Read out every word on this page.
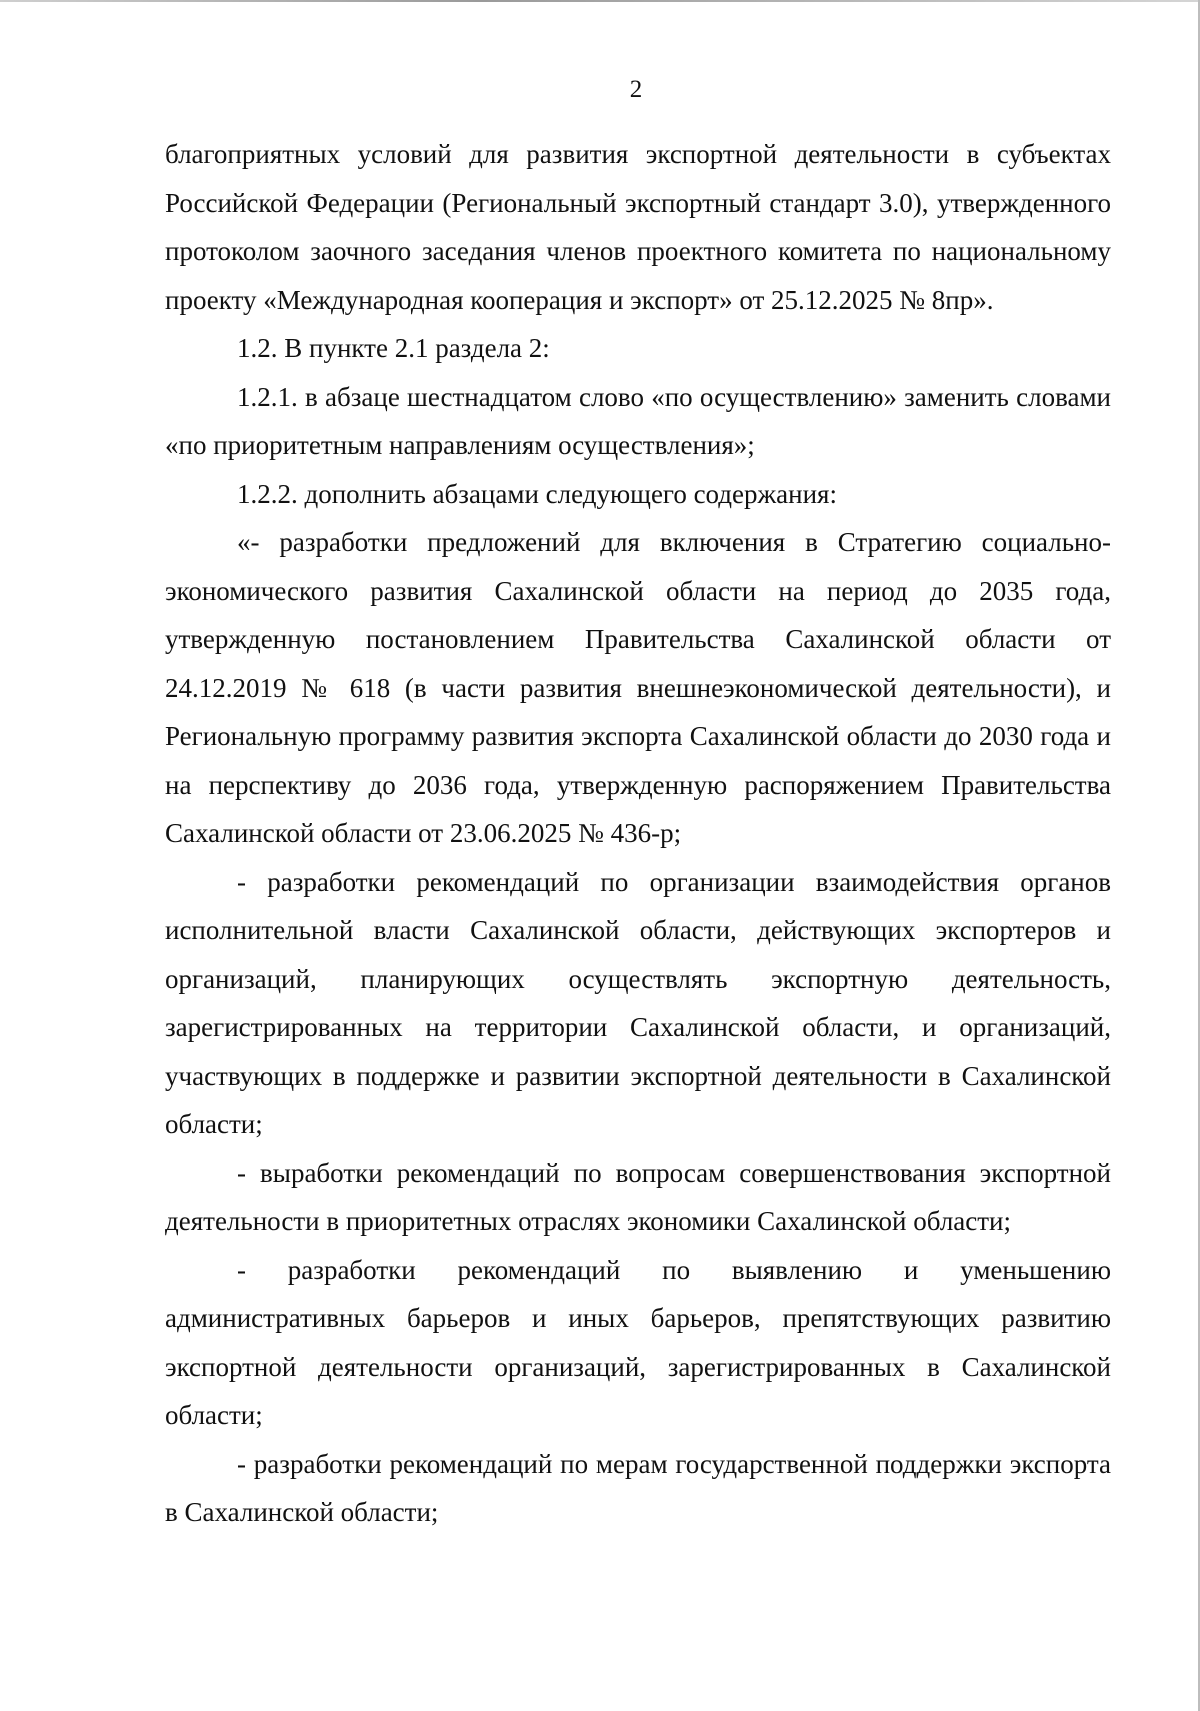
2

благоприятных условий для развития экспортной деятельности в субъектах Российской Федерации (Региональный экспортный стандарт 3.0), утвержденного протоколом заочного заседания членов проектного комитета по национальному проекту «Международная кооперация и экспорт» от 25.12.2025 № 8пр».

1.2. В пункте 2.1 раздела 2:

1.2.1. в абзаце шестнадцатом слово «по осуществлению» заменить словами «по приоритетным направлениям осуществления»;

1.2.2. дополнить абзацами следующего содержания:

«- разработки предложений для включения в Стратегию социально-экономического развития Сахалинской области на период до 2035 года, утвержденную постановлением Правительства Сахалинской области от 24.12.2019 № 618 (в части развития внешнеэкономической деятельности), и Региональную программу развития экспорта Сахалинской области до 2030 года и на перспективу до 2036 года, утвержденную распоряжением Правительства Сахалинской области от 23.06.2025 № 436-р;

- разработки рекомендаций по организации взаимодействия органов исполнительной власти Сахалинской области, действующих экспортеров и организаций, планирующих осуществлять экспортную деятельность, зарегистрированных на территории Сахалинской области, и организаций, участвующих в поддержке и развитии экспортной деятельности в Сахалинской области;

- выработки рекомендаций по вопросам совершенствования экспортной деятельности в приоритетных отраслях экономики Сахалинской области;

- разработки рекомендаций по выявлению и уменьшению административных барьеров и иных барьеров, препятствующих развитию экспортной деятельности организаций, зарегистрированных в Сахалинской области;

- разработки рекомендаций по мерам государственной поддержки экспорта в Сахалинской области;
